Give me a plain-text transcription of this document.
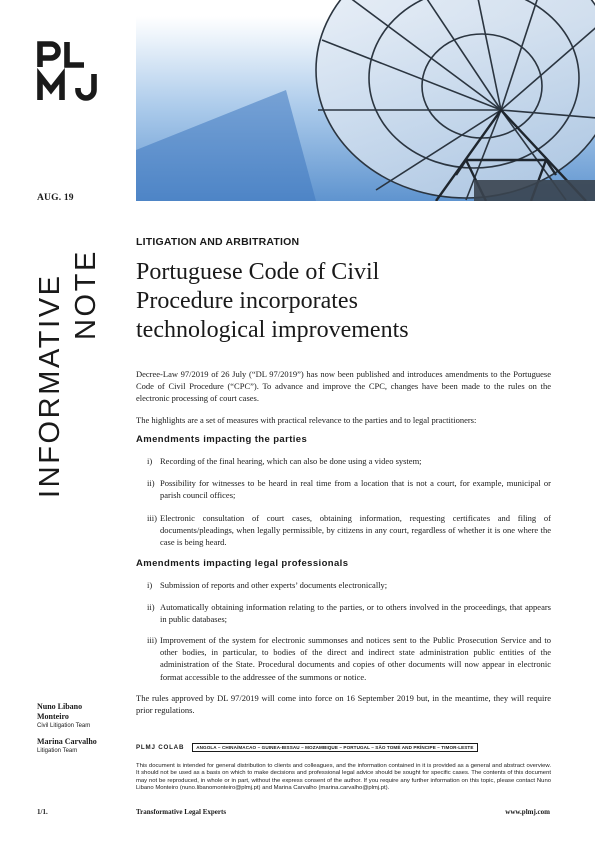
AUG. 19
INFORMATIVE NOTE
LITIGATION AND ARBITRATION
Portuguese Code of Civil
Procedure incorporates
technological improvements

Decree-Law 97/2019 of 26 July (“DL 97/2019”) has now been published and introduces amendments to the Portuguese Code of Civil Procedure (“CPC”). To advance and improve the CPC, changes have been made to the rules on the electronic processing of court cases.

The highlights are a set of measures with practical relevance to the parties and to legal practitioners:

Amendments impacting the parties
i) Recording of the final hearing, which can also be done using a video system;
ii) Possibility for witnesses to be heard in real time from a location that is not a court, for example, municipal or parish council offices;
iii) Electronic consultation of court cases, obtaining information, requesting certificates and filing of documents/pleadings, when legally permissible, by citizens in any court, regardless of whether it is one where the case is being heard.
Amendments impacting legal professionals
i) Submission of reports and other experts’ documents electronically;
ii) Automatically obtaining information relating to the parties, or to others involved in the proceedings, that appears in public databases;
iii) Improvement of the system for electronic summonses and notices sent to the Public Prosecution Service and to other bodies, in particular, to bodies of the direct and indirect state administration public entities of the administration of the State. Procedural documents and copies of other documents will now appear in electronic format accessible to the addressee of the summons or notice.

The rules approved by DL 97/2019 will come into force on 16 September 2019 but, in the meantime, they will require prior regulations.

Nuno Libano
Monteiro
Civil Litigation Team
Marina Carvalho
Litigation Team	PLMJ COLAB	ANGOLA – CHINA/MACAO – GUINEA-BISSAU – MOZAMBIQUE – PORTUGAL – SÃO TOMÉ AND PRÍNCIPE – TIMOR-LESTE
This document is intended for general distribution to clients and colleagues, and the information contained in it is provided as a general and abstract overview. It should not be used as a basis on which to make decisions and professional legal advice should be sought for specific cases. The contents of this document may not be reproduced, in whole or in part, without the express consent of the author. If you require any further information on this topic, please contact Nuno Libano Monteiro (nuno.libanomonteiro@plmj.pt) and Marina Carvalho (marina.carvalho@plmj.pt).
1/1.	Transformative Legal Experts	www.plmj.com
